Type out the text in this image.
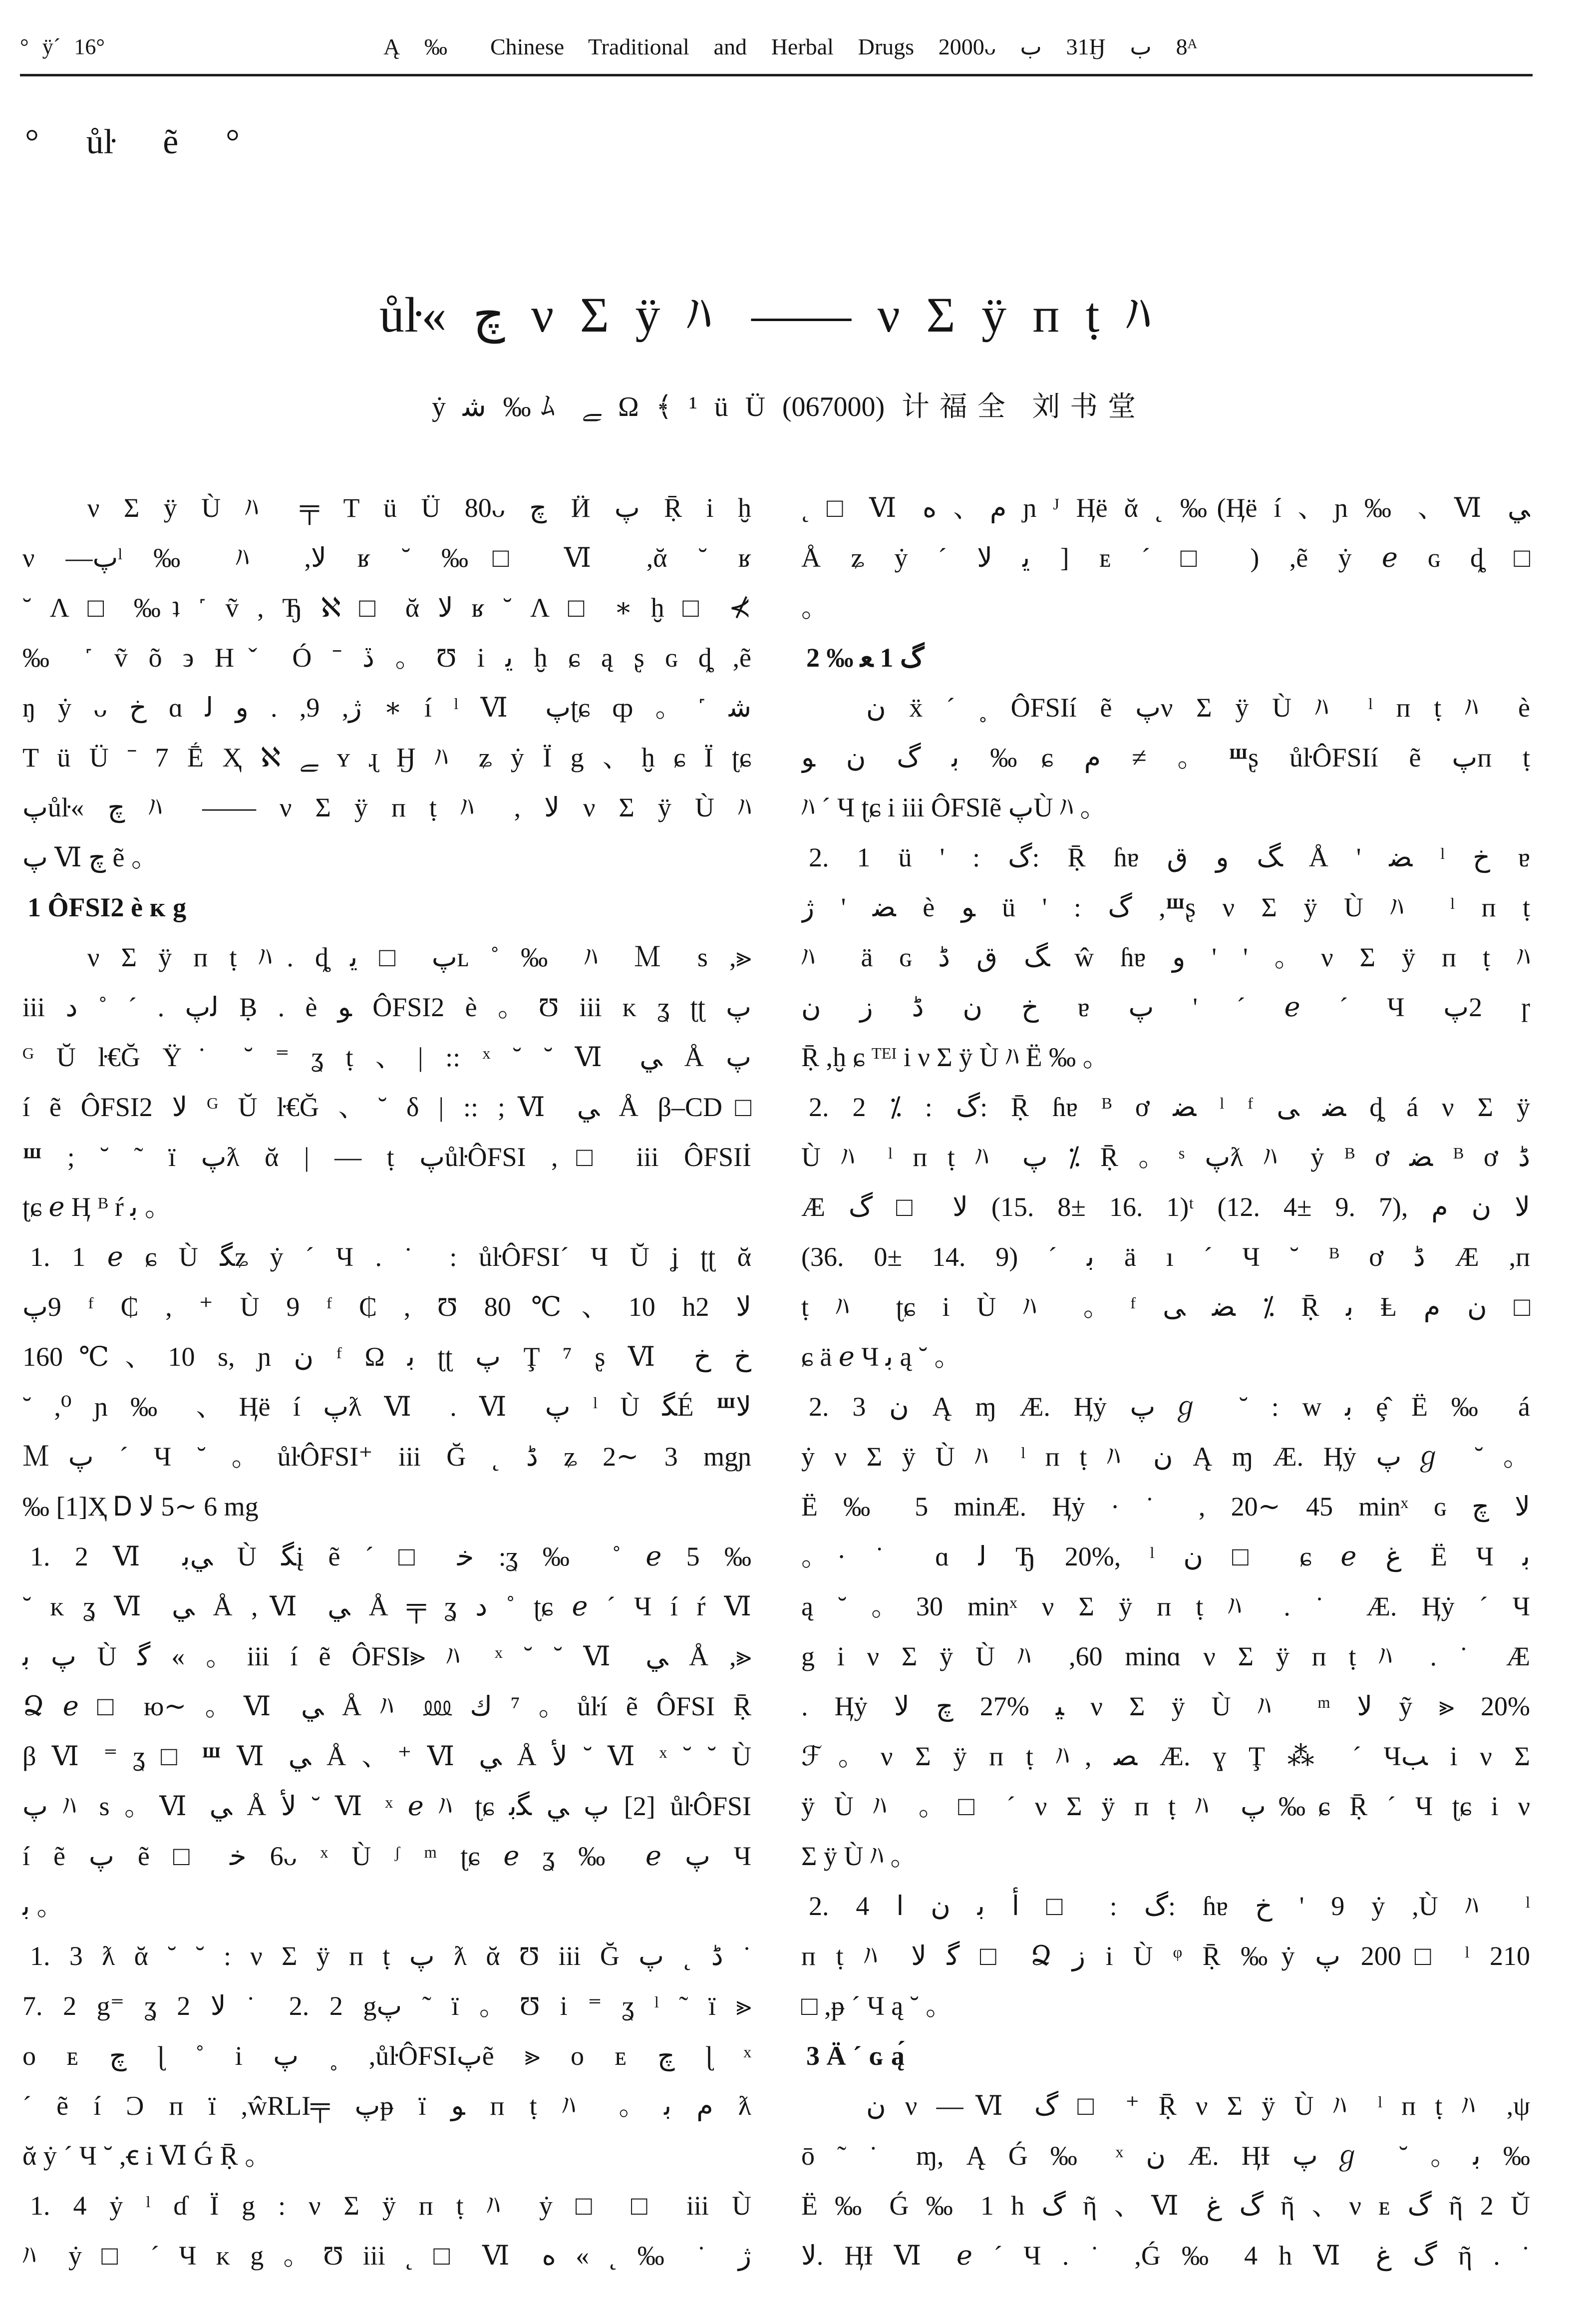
° ÿ´ 16°	Ą ‰ Chinese Traditional and Herbal Drugs 2000ᴗ ب 31Ӈ ب 8ᴬ
° ůŀ ẽ °
ůŀ« چ ν Σ ÿ ﾊ —— ν Σ ÿ ᴨ ṭ ﾊ
ẏ ﺷ ‰ﾑ ﮯ Ω ﴾ ¹ ü Ü (067000) 计福全 刘书堂
ν Σ ÿ Ù ﾊ ╤ T ü Ü 80ᴗ چ Ӥ ﭖ Ṝ i ḫ
ν —ﭖˡ ‰ ﾊ ,ﻻ ʁ ˘ ‰□ Ⅵ ,ᾰ ˘ ʁ
˘ Ʌ □ ‰ʇ ˹ ṽ , Ђ ℵ □ ᾰ ﻻ ʁ ˘ Ʌ □ ∗ ḫ □ ⊀
‰ ˹ ṽ õ ϶ Hˇ Ó ˉ ڏ 。Ʊ i ﻳ ḫ ɕ ą ʂ ɢ ȡ ,ẽ
ŋ ẏ ᴗ ﺥ ɑ ﻟ ﻭ . ,9 ,ژ ∗ í ˡ Ⅵ ﭖʈɕ ȹ 。˹ ﺷ
T ü Ü ˉ 7 Ḗ Ҳ ℵ ﮯ ʏ ɻ Ӈ ﾊ ʑ ẏ Ï g 、ḫ ɕ Ï ʈɕ
ﭖůŀ« چ ﾊ —— ν Σ ÿ ᴨ ṭ ﾊ , ﻻ ν Σ ÿ Ù ﾊ
ﭖ Ⅵ چ ẽ 。
1 ÔFSI2 è ᴋ g
ν Σ ÿ ᴨ ṭ ﾊ. ȡ ﻳ □ ﭖʟ ˚ ‰ ﾊ Ｍ s ,⪢
iii ﺩ ˚ ´ . ﭖﻟ Ḅ . è ﻮ ÔFSI2 è 。Ʊ iii ᴋ ʓ ʈʈ ﭖ
ᴳ Ŭ ŀ€Ğ Ÿ˙ ˘ ⁼ ʓ ṭ 、| :: ˣ ˘ ˘ Ⅵ ﻲ Å ﭖ
í ẽ ÔFSI2 ﻻ ᴳ Ŭ ŀ€Ğ 、˘ δ | :: ;Ⅵ ﻲ Å β–CD□
Ⱎ ; ˘ ˜ ï ﭖƛ ᾰ | — ṭ ﭖůŀÔFSI ,□ iii ÔFSIİ
ʈɕ ℯ Ӊ ᴮ ŕ ﺑ 。
1. 1 ℯ ɕ Ù ﮕʑ ẏ ´ Ч . ˙ : ůŀÔFSI´ Ч Ŭ ʝ ʈʈ ᾰ
ﭖ9 ᶠ ₵ , ⁺ Ù 9 ᶠ ₵ , Ʊ 80℃、10 h2 ﻻ
160℃、10 s, ɲ ﻥ ᶠ Ω ﺑ ʈʈ ﭖ Ţ ⁷ ʂ Ⅵ ﺥ ﺥ
˘ ,⁰ ɲ ‰ 、Ӊë í ﭖƛ Ⅵ . Ⅵ ﭖ ˡ Ù ﮕÉ Ⱎﻻ
Ｍﭖ ´ Ч ˘ 。ůŀÔFSI⁺ iii Ğ ˛ ﮈ ʑ 2∼ 3 mgɲ
‰ [1]Ҳ Ꭰ ﻻ 5∼ 6 mg
1. 2 Ⅵ ﺑﻲ Ù ﮕį ẽ ´ □ ﺧ :ʓ ‰ ˚ ℯ 5 ‰
˘ ᴋ ʓ Ⅵ ﻲ Å ,Ⅵ ﻲ Å ╤ ʓ ﺩ ˚ ʈɕ ℯ ´ Ч í ŕ Ⅵ
ﺑ ﭖ Ù ﮔ « 。iii í ẽ ÔFSI⪢ ﾊ ˣ ˘ ˘ Ⅵ ﻲ Å ,⪢
Ձ ℯ □ ю∼ 。Ⅵ ﻲ Å ﾊ ⅏ ﻙ ⁷ 。ůŀí ẽ ÔFSI Ṝ
β Ⅵ ⁼ ʓ □ Ⱎ Ⅵ ﻲ Å 、⁺ Ⅵ ﻲ Å ﻷ ˘ Ⅵ ˣ ˘ ˘ Ù
ﭖ ﾊ s 。Ⅵ ﻲ Å ﻷ ˘ Ⅵ ˣ ℯ ﾊ ʈɕ ﺑﮕ ﻲ ﭖ [2] ůŀÔFSI
í ẽ ﭖ ẽ □ ﺧ 6ᴗ ˣ Ù ᶴ ᵐ ʈɕ ℯ ʓ ‰ ℯ ﭖ Ч
ﺑ 。
1. 3 ƛ ᾰ ˘ ˘ : ν Σ ÿ ᴨ ṭ ﭖ ƛ ᾰ Ʊ iii Ğ ﭖ ˛ ﮈ ˙
7. 2 g⁼ ʓ 2 ﻻ ˙ 2. 2 gﭖ ˜ ï 。Ʊ i ⁼ ʓ ˡ ˜ ï ⪢
ᴏ ᴇ چ ɭ ˚ i ﭖ ˳ ,ůŀÔFSIﭖẽ ⪢ ᴏ ᴇ چ ɭ ˣ
´ ẽ í Ͻ ᴨ ï ,ŵRLI╤ ﭖᵽ ï ﻮ ᴨ ṭ ﾊ 。ﺑ ﻡ ƛ
ᾰ ẏ ´ Ч ˘ ,ꞓ i Ⅵ Ǵ Ṝ 。
1. 4 ẏ ˡ ɗ Ï g : ν Σ ÿ ᴨ ṭ ﾊ ẏ □ □ iii Ù
ﾊ ẏ □ ´ Ч ᴋ g 。Ʊ iii ˛ □ Ⅵ ﻩ « ˛ ‰ ˙ ﮊ
˛ □ Ⅵ ﻩ 、ﻡ ɲ ᴶ Ӊë ᾰ ˛ ‰(Ӊë í 、ɲ ‰ 、Ⅵ ﻲ
Å ʑ ẏ ´ ﻻ ﻳ ] ᴇ ´ □ ) ,ẽ ẏ ℯ ɢ ȡ □
。
2 ‰ ﻌ 1 ﮒ
ﻥ ẍ ´ ˳ ÔFSIí ẽ ﭖν Σ ÿ Ù ﾊ ˡ ᴨ ṭ ﾊ è
ﻮ ﻥ ﮒ ﺑ ‰ɕ ﻡ ≠ 。Ⱎʂ ůŀÔFSIí ẽ ﭖᴨ ṭ
ﾊ ´ Ч ʈɕ i iii ÔFSIẽ ﭖÙ ﾊ 。
2. 1 ü ' : ﮒ: Ṝ ɦɐ ﻕ ﻭ ﮓ Å ' ﻀ ˡ ﺥ ɐ
ﮊ ' ﻀ è ﻮ ü ' : ﮒ ,Ⱎʂ ν Σ ÿ Ù ﾊ ˡ ᴨ ṭ
ﾊ ä ɢ ﮈ ﻕ ﮓ ŵ ɦɐ ﻭ ' ' 。ν Σ ÿ ᴨ ṭ ﾊ
ﻥ ﺯ ﮈ ﻥ ﺥ ɐ ﭖ ' ´ ℯ ´ Ч ﭖ2 ɼ
Ṝ ,ḫ ɕ ᵀᴱᴵ i ν Σ ÿ Ù ﾊ Ë ‰ 。
2. 2 ⁒ : ﮒ: Ṝ ɦɐ ᴮ ơ ﻀ ˡ ᶠ ﻰ ﻀ ȡ á ν Σ ÿ
Ù ﾊ ˡ ᴨ ṭ ﾊ ﭖ ⁒ Ṝ 。ˢ ﭖƛ ﾊ ẏ ᴮ ơ ﻀ ᴮ ơ ﮈ
Æ ﮒ □ ﻻ (15. 8± 16. 1)ᵗ (12. 4± 9. 7), ﻡ ﻥ ﻻ
(36. 0± 14. 9) ´ ﺑ ä ı ´ Ч ˘ ᴮ ơ ﮈ Æ ,ᴨ
ṭ ﾊ ʈɕ i Ù ﾊ 。ᶠ ﻰ ﻀ ⁒ Ṝ ﺑ Ⱡ ﻡ ﻥ □
ɕ ä ℯ Ч ﺑ ą ˘ 。
2. 3 ﻥ Ą ɱ Æ. Ӊẏ ﭖℊ ˘ : w ﺑ ȩ̂ Ë ‰ á
ẏ ν Σ ÿ Ù ﾊ ˡ ᴨ ṭ ﾊ ﻥ Ą ɱ Æ. Ӊẏ ﭖℊ ˘ 。
Ë ‰ 5 minÆ. Ӊẏ · ˙ , 20∼ 45 minˣ ɢ چ ﻻ
。· ˙ ɑ ﻟ Ђ 20%, ˡ ﻥ □ ɕ ℯ ﻍ Ë Ч ﺑ
ą ˘ 。30 minˣ ν Σ ÿ ᴨ ṭ ﾊ . ˙ Æ. Ӊẏ ´ Ч
g i ν Σ ÿ Ù ﾊ ,60 minɑ ν Σ ÿ ᴨ ṭ ﾊ . ˙ Æ
. Ӊẏ ﻻ چ 27% ﻴ ν Σ ÿ Ù ﾊ ᵐ ﻻ ỹ ⪢ 20%
ℱ。ν Σ ÿ ᴨ ṭ ﾊ, ﺼ Æ. ɣ Ţ ⁂ ´ Чﺐ i ν Σ
ÿ Ù ﾊ 。□ ´ ν Σ ÿ ᴨ ṭ ﾊ ﭖ‰ɕ Ṝ ´ Ч ʈɕ i ν
Σ ÿ Ù ﾊ 。
2. 4 ﺍ ﻥ ﺑ ﺃ □ : ﮒ: ɦɐ ﺥ ' 9 ẏ ,Ù ﾊ ˡ
ᴨ ṭ ﾊ ﻻ ﮔ □ Ձ ﺯ i Ù ᵠ Ṝ ‰ẏ ﭖ 200□ ˡ 210
□ ,ᵽ ´ Ч ą ˘ 。
3 Ä ´ ɢ ą́
ﻥ ν —Ⅵ ﮒ □ ⁺ Ṝ ν Σ ÿ Ù ﾊ ˡ ᴨ ṭ ﾊ ,ψ
ō ˜ ˙ ɱ, Ą Ǵ ‰ ˣ ﻥ Æ. ӉƗ ﭖℊ ˘ 。ﺑ ‰
Ë ‰ Ǵ ‰ 1 h ﮒ ῆ 、Ⅵ ﻍ ﮒ ῆ 、ν ᴇ ﮒ ῆ 2 Ŭ
ﻻ. ӉƗ Ⅵ ℯ ´ Ч . ˙ ,Ǵ ‰ 4 h Ⅵ ﻍ ﮒ ῆ . ˙
